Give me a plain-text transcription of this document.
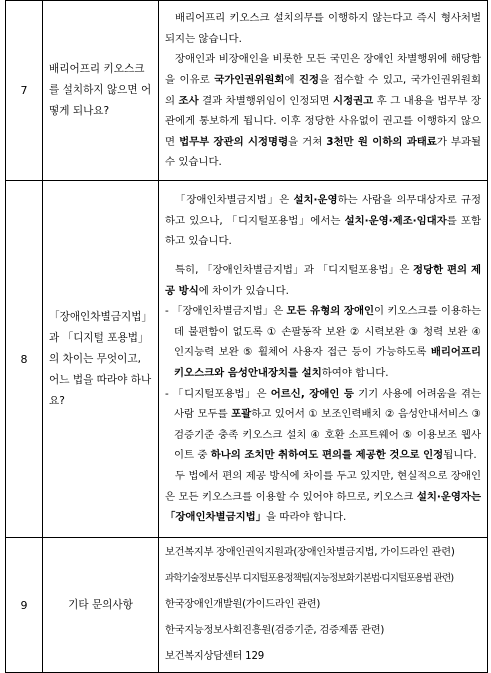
7	배리어프리 키오스크를 설치하지 않으면 어떻게 되나요?	배리어프리 키오스크 설치의무를 이행하지 않는다고 즉시 형사처벌 되지는 않습니다.

장애인과 비장애인을 비롯한 모든 국민은 장애인 차별행위에 해당함을 이유로 국가인권위원회에 진정을 접수할 수 있고, 국가인권위원회의 조사 결과 차별행위임이 인정되면 시정권고 후 그 내용을 법무부 장관에게 통보하게 됩니다. 이후 정당한 사유없이 권고를 이행하지 않으면 법무부 장관의 시정명령을 거쳐 3천만 원 이하의 과태료가 부과될 수 있습니다.

8	「장애인차별금지법」과 「디지털 포용법」의 차이는 무엇이고, 어느 법을 따라야 하나요?	「장애인차별금지법」은 설치·운영하는 사람을 의무대상자로 규정하고 있으나, 「디지털포용법」에서는 설치·운영·제조·임대자를 포함하고 있습니다.

특히, 「장애인차별금지법」과 「디지털포용법」은 정당한 편의 제공 방식에 차이가 있습니다.

- 「장애인차별금지법」은 모든 유형의 장애인이 키오스크를 이용하는데 불편함이 없도록 ① 손팔동작 보완 ② 시력보완 ③ 청력 보완 ④ 인지능력 보완 ⑤ 휠체어 사용자 접근 등이 가능하도록 배리어프리 키오스크와 음성안내장치를 설치하여야 합니다.

- 「디지털포용법」은 어르신, 장애인 등 기기 사용에 어려움을 겪는 사람 모두를 포괄하고 있어서 ① 보조인력배치 ② 음성안내서비스 ③ 검증기준 충족 키오스크 설치 ④ 호환 소프트웨어 ⑤ 이용보조 웹사이트 중 하나의 조치만 취하여도 편의를 제공한 것으로 인정됩니다.

두 법에서 편의 제공 방식에 차이를 두고 있지만, 현실적으로 장애인은 모든 키오스크를 이용할 수 있어야 하므로, 키오스크 설치·운영자는 「장애인차별금지법」을 따라야 합니다.

9	기타 문의사항	보건복지부 장애인권익지원과(장애인차별금지법, 가이드라인 관련)

과학기술정보통신부 디지털포용정책팀(지능정보화기본법·디지털포용법 관련)

한국장애인개발원(가이드라인 관련)

한국지능정보사회진흥원(검증기준, 검증제품 관련)

보건복지상담센터 129
